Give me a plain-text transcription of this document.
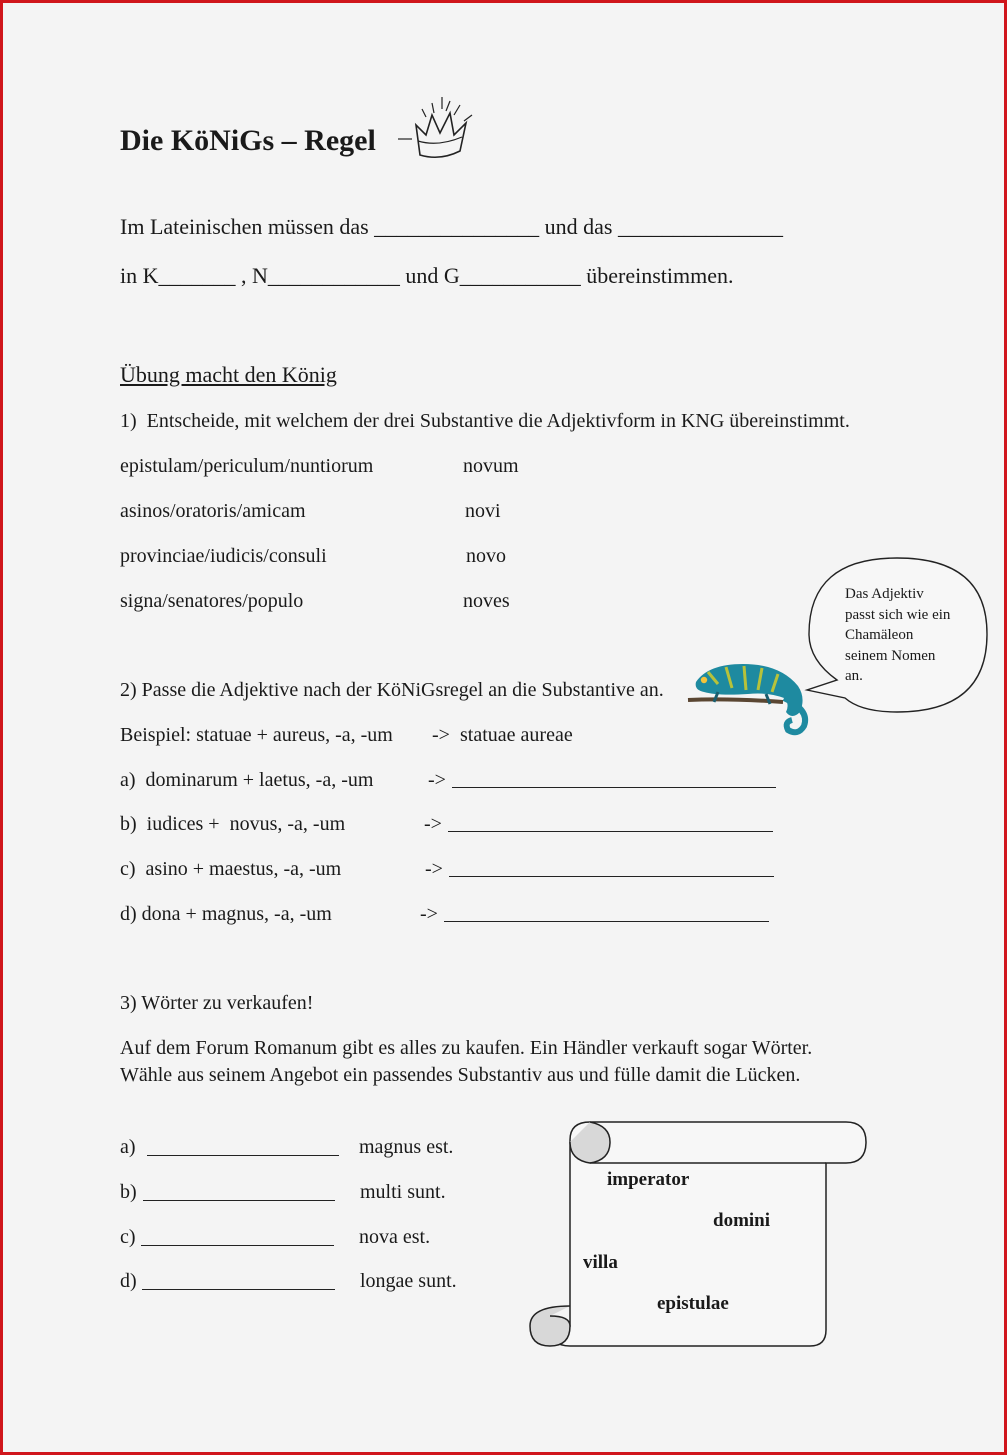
Die KöNiGs – Regel
Im Lateinischen müssen das _______________ und das _______________
in K_______ , N____________ und G___________ übereinstimmen.
Übung macht den König
1)  Entscheide, mit welchem der drei Substantive die Adjektivform in KNG übereinstimmt.
epistulam/periculum/nuntiorum	novum
asinos/oratoris/amicam	novi
provinciae/iudicis/consuli	novo
signa/senatores/populo	noves	Das Adjektiv
passt sich wie ein
Chamäleon
seinem Nomen
an.
2) Passe die Adjektive nach der KöNiGsregel an die Substantive an.
Beispiel: statuae + aureus, -a, -um -> statuae aureae
a)  dominarum + laetus, -a, -um	->
b)  iudices +  novus, -a, -um	->
c)  asino + maestus, -a, -um	->
d) dona + magnus, -a, -um	->
3) Wörter zu verkaufen!
Auf dem Forum Romanum gibt es alles zu kaufen. Ein Händler verkauft sogar Wörter.
Wähle aus seinem Angebot ein passendes Substantiv aus und fülle damit die Lücken.
a)	magnus est.
b)	multi sunt.
c)	nova est.
d)	longae sunt.
imperator
domini
villa
epistulae
